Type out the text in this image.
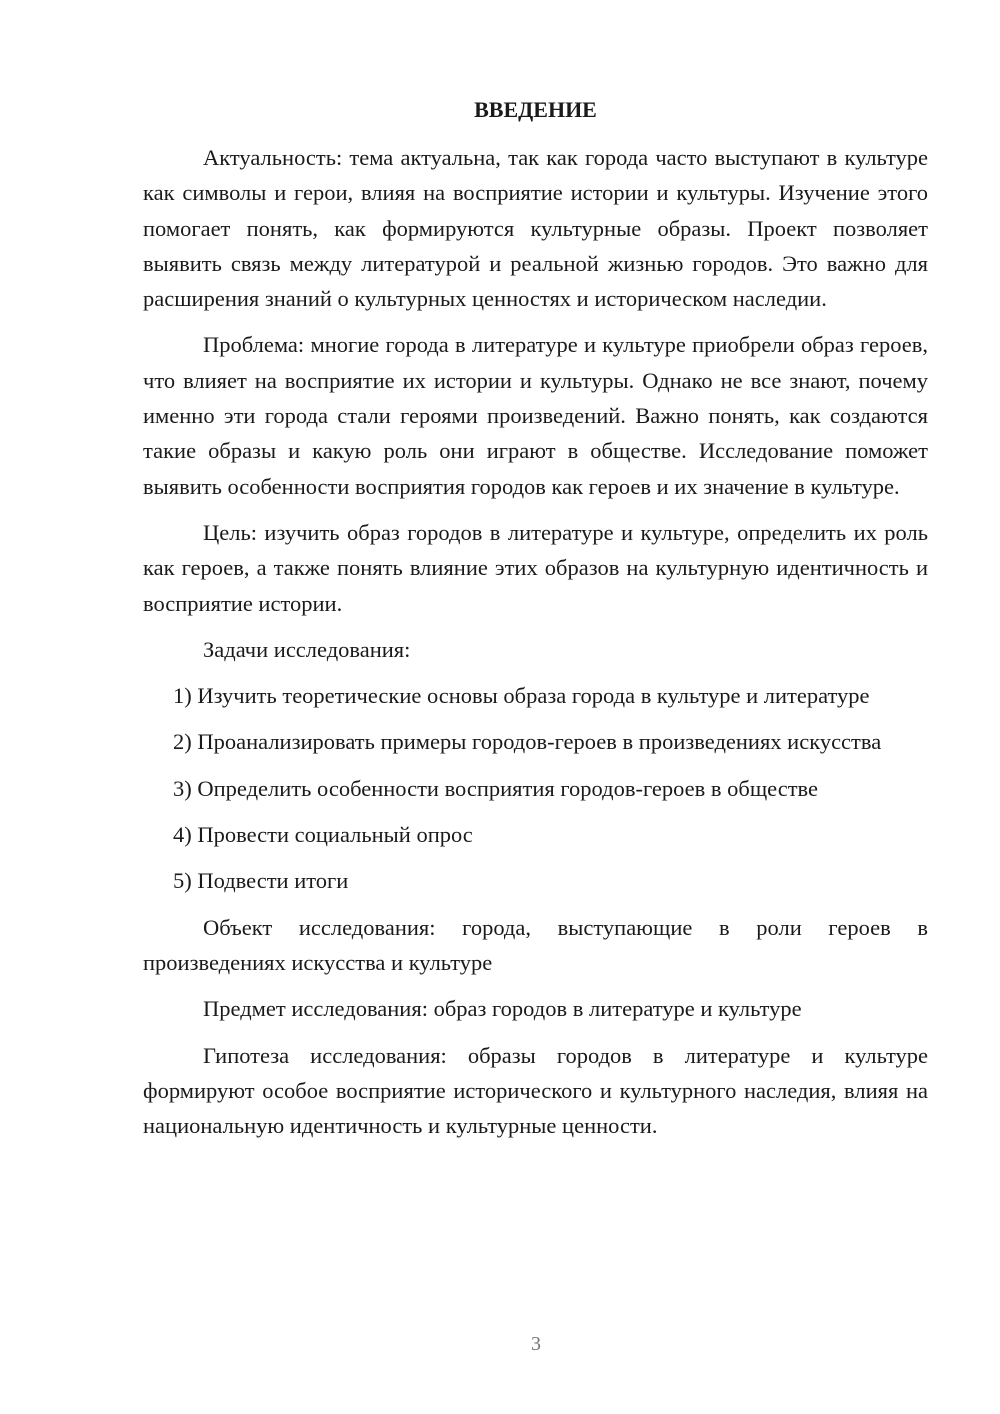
ВВЕДЕНИЕ

Актуальность: тема актуальна, так как города часто выступают в культуре как символы и герои, влияя на восприятие истории и культуры. Изучение этого помогает понять, как формируются культурные образы. Проект позволяет выявить связь между литературой и реальной жизнью городов. Это важно для расширения знаний о культурных ценностях и историческом наследии.

Проблема: многие города в литературе и культуре приобрели образ героев, что влияет на восприятие их истории и культуры. Однако не все знают, почему именно эти города стали героями произведений. Важно понять, как создаются такие образы и какую роль они играют в обществе. Исследование поможет выявить особенности восприятия городов как героев и их значение в культуре.

Цель: изучить образ городов в литературе и культуре, определить их роль как героев, а также понять влияние этих образов на культурную идентичность и восприятие истории.

Задачи исследования:

1) Изучить теоретические основы образа города в культуре и литературе

2) Проанализировать примеры городов-героев в произведениях искусства

3) Определить особенности восприятия городов-героев в обществе

4) Провести социальный опрос

5) Подвести итоги

Объект исследования: города, выступающие в роли героев в произведениях искусства и культуре

Предмет исследования: образ городов в литературе и культуре

Гипотеза исследования: образы городов в литературе и культуре формируют особое восприятие исторического и культурного наследия, влияя на национальную идентичность и культурные ценности.

3
